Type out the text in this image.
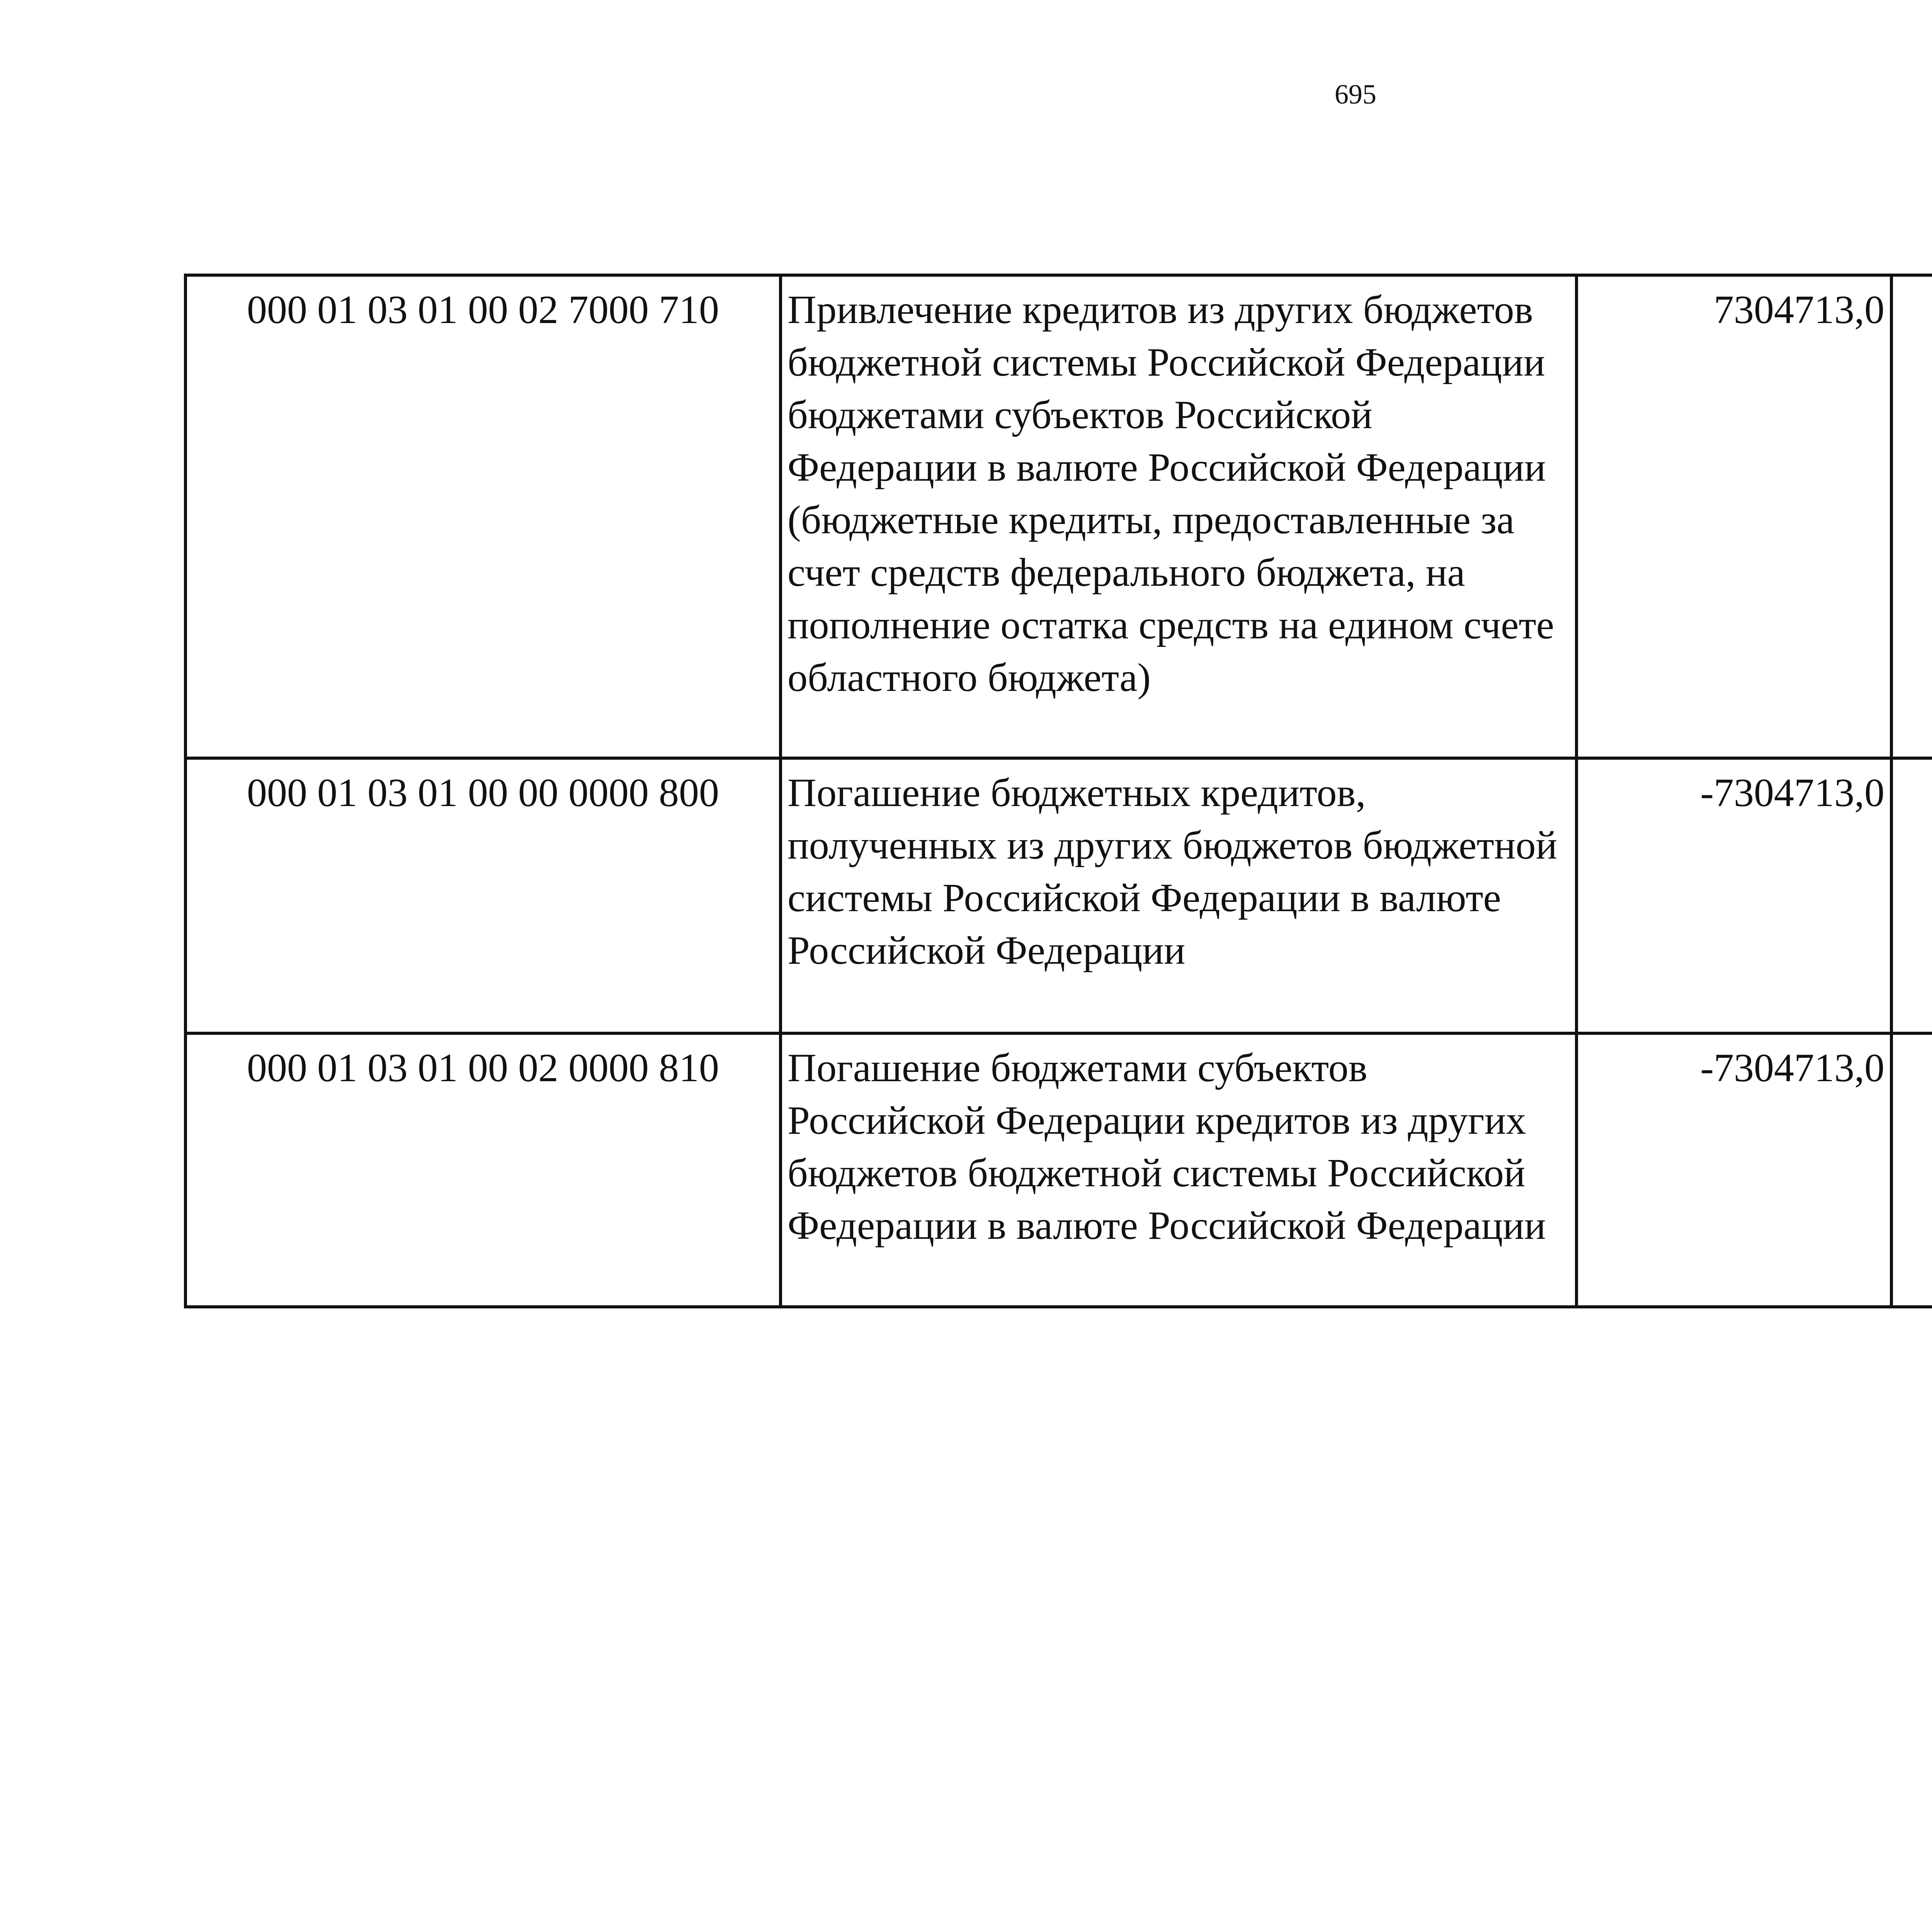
695
000 01 03 01 00 02 7000 710	Привлечение кредитов из других бюджетов бюджетной системы Российской Федерации бюджетами субъектов Российской Федерации в валюте Российской Федерации (бюджетные кредиты, предоставленные за счет средств федерального бюджета, на пополнение остатка средств на едином счете областного бюджета)	7304713,0		
000 01 03 01 00 00 0000 800	Погашение бюджетных кредитов, полученных из других бюджетов бюджетной системы Российской Федерации в валюте Российской Федерации	-7304713,0		
000 01 03 01 00 02 0000 810	Погашение бюджетами субъектов Российской Федерации кредитов из других бюджетов бюджетной системы Российской Федерации в валюте Российской Федерации	-7304713,0		
